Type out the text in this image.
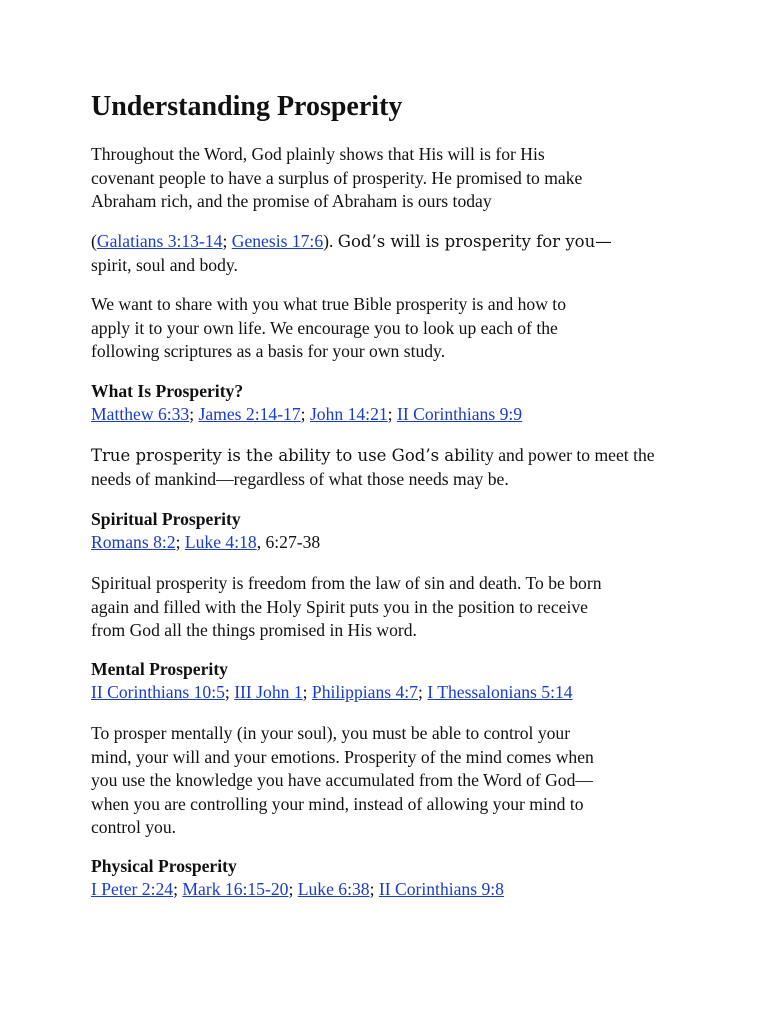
Understanding Prosperity

Throughout the Word, God plainly shows that His will is for His
covenant people to have a surplus of prosperity. He promised to make
Abraham rich, and the promise of Abraham is ours today

(Galatians 3:13-14; Genesis 17:6). God’s will is prosperity for you—
spirit, soul and body.

We want to share with you what true Bible prosperity is and how to
apply it to your own life. We encourage you to look up each of the
following scriptures as a basis for your own study.

What Is Prosperity?
Matthew 6:33; James 2:14-17; John 14:21; II Corinthians 9:9

True prosperity is the ability to use God’s ability and power to meet the
needs of mankind—regardless of what those needs may be.

Spiritual Prosperity
Romans 8:2; Luke 4:18, 6:27-38

Spiritual prosperity is freedom from the law of sin and death. To be born
again and filled with the Holy Spirit puts you in the position to receive
from God all the things promised in His word.

Mental Prosperity
II Corinthians 10:5; III John 1; Philippians 4:7; I Thessalonians 5:14

To prosper mentally (in your soul), you must be able to control your
mind, your will and your emotions. Prosperity of the mind comes when
you use the knowledge you have accumulated from the Word of God—
when you are controlling your mind, instead of allowing your mind to
control you.

Physical Prosperity
I Peter 2:24; Mark 16:15-20; Luke 6:38; II Corinthians 9:8
